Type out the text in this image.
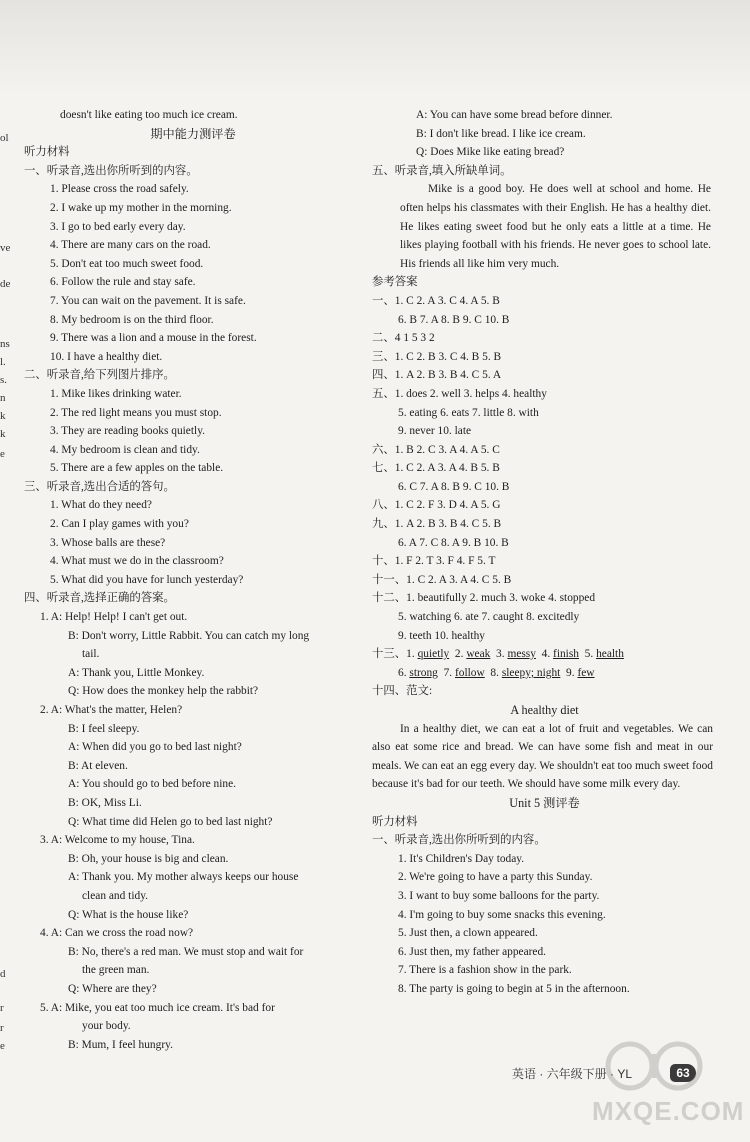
ol
ve
de
ns
l.
s.
n
k
k
e
d
r
r
e
doesn't like eating too much ice cream.
期中能力测评卷
听力材料
一、听录音,选出你所听到的内容。
1. Please cross the road safely.
2. I wake up my mother in the morning.
3. I go to bed early every day.
4. There are many cars on the road.
5. Don't eat too much sweet food.
6. Follow the rule and stay safe.
7. You can wait on the pavement. It is safe.
8. My bedroom is on the third floor.
9. There was a lion and a mouse in the forest.
10. I have a healthy diet.
二、听录音,给下列图片排序。
1. Mike likes drinking water.
2. The red light means you must stop.
3. They are reading books quietly.
4. My bedroom is clean and tidy.
5. There are a few apples on the table.
三、听录音,选出合适的答句。
1. What do they need?
2. Can I play games with you?
3. Whose balls are these?
4. What must we do in the classroom?
5. What did you have for lunch yesterday?
四、听录音,选择正确的答案。
1. A: Help! Help! I can't get out.
B: Don't worry, Little Rabbit. You can catch my long
tail.
A: Thank you, Little Monkey.
Q: How does the monkey help the rabbit?
2. A: What's the matter, Helen?
B: I feel sleepy.
A: When did you go to bed last night?
B: At eleven.
A: You should go to bed before nine.
B: OK, Miss Li.
Q: What time did Helen go to bed last night?
3. A: Welcome to my house, Tina.
B: Oh, your house is big and clean.
A: Thank you. My mother always keeps our house
clean and tidy.
Q: What is the house like?
4. A: Can we cross the road now?
B: No, there's a red man. We must stop and wait for
the green man.
Q: Where are they?
5. A: Mike, you eat too much ice cream. It's bad for
your body.
B: Mum, I feel hungry.
A: You can have some bread before dinner.
B: I don't like bread. I like ice cream.
Q: Does Mike like eating bread?
五、听录音,填入所缺单词。
Mike is a good boy. He does well at school and home. He often helps his classmates with their English. He has a healthy diet. He likes eating sweet food but he only eats a little at a time. He likes playing football with his friends. He never goes to school late. His friends all like him very much.
参考答案
一、1. C 2. A 3. C 4. A 5. B
6. B 7. A 8. B 9. C 10. B
二、4 1 5 3 2
三、1. C 2. B 3. C 4. B 5. B
四、1. A 2. B 3. B 4. C 5. A
五、1. does 2. well 3. helps 4. healthy
5. eating 6. eats 7. little 8. with
9. never 10. late
六、1. B 2. C 3. A 4. A 5. C
七、1. C 2. A 3. A 4. B 5. B
6. C 7. A 8. B 9. C 10. B
八、1. C 2. F 3. D 4. A 5. G
九、1. A 2. B 3. B 4. C 5. B
6. A 7. C 8. A 9. B 10. B
十、1. F 2. T 3. F 4. F 5. T
十一、1. C 2. A 3. A 4. C 5. B
十二、1. beautifully 2. much 3. woke 4. stopped
5. watching 6. ate 7. caught 8. excitedly
9. teeth 10. healthy
十三、1. quietly  2. weak  3. messy  4. finish  5. health
6. strong  7. follow  8. sleepy; night  9. few
十四、范文:
A healthy diet
In a healthy diet, we can eat a lot of fruit and vegetables. We can also eat some rice and bread. We can have some fish and meat in our meals. We can eat an egg every day. We shouldn't eat too much sweet food because it's bad for our teeth. We should have some milk every day.
Unit 5 测评卷
听力材料
一、听录音,选出你所听到的内容。
1. It's Children's Day today.
2. We're going to have a party this Sunday.
3. I want to buy some balloons for the party.
4. I'm going to buy some snacks this evening.
5. Just then, a clown appeared.
6. Just then, my father appeared.
7. There is a fashion show in the park.
8. The party is going to begin at 5 in the afternoon.
英语 · 六年级下册 · YL	63
MXQE.COM
